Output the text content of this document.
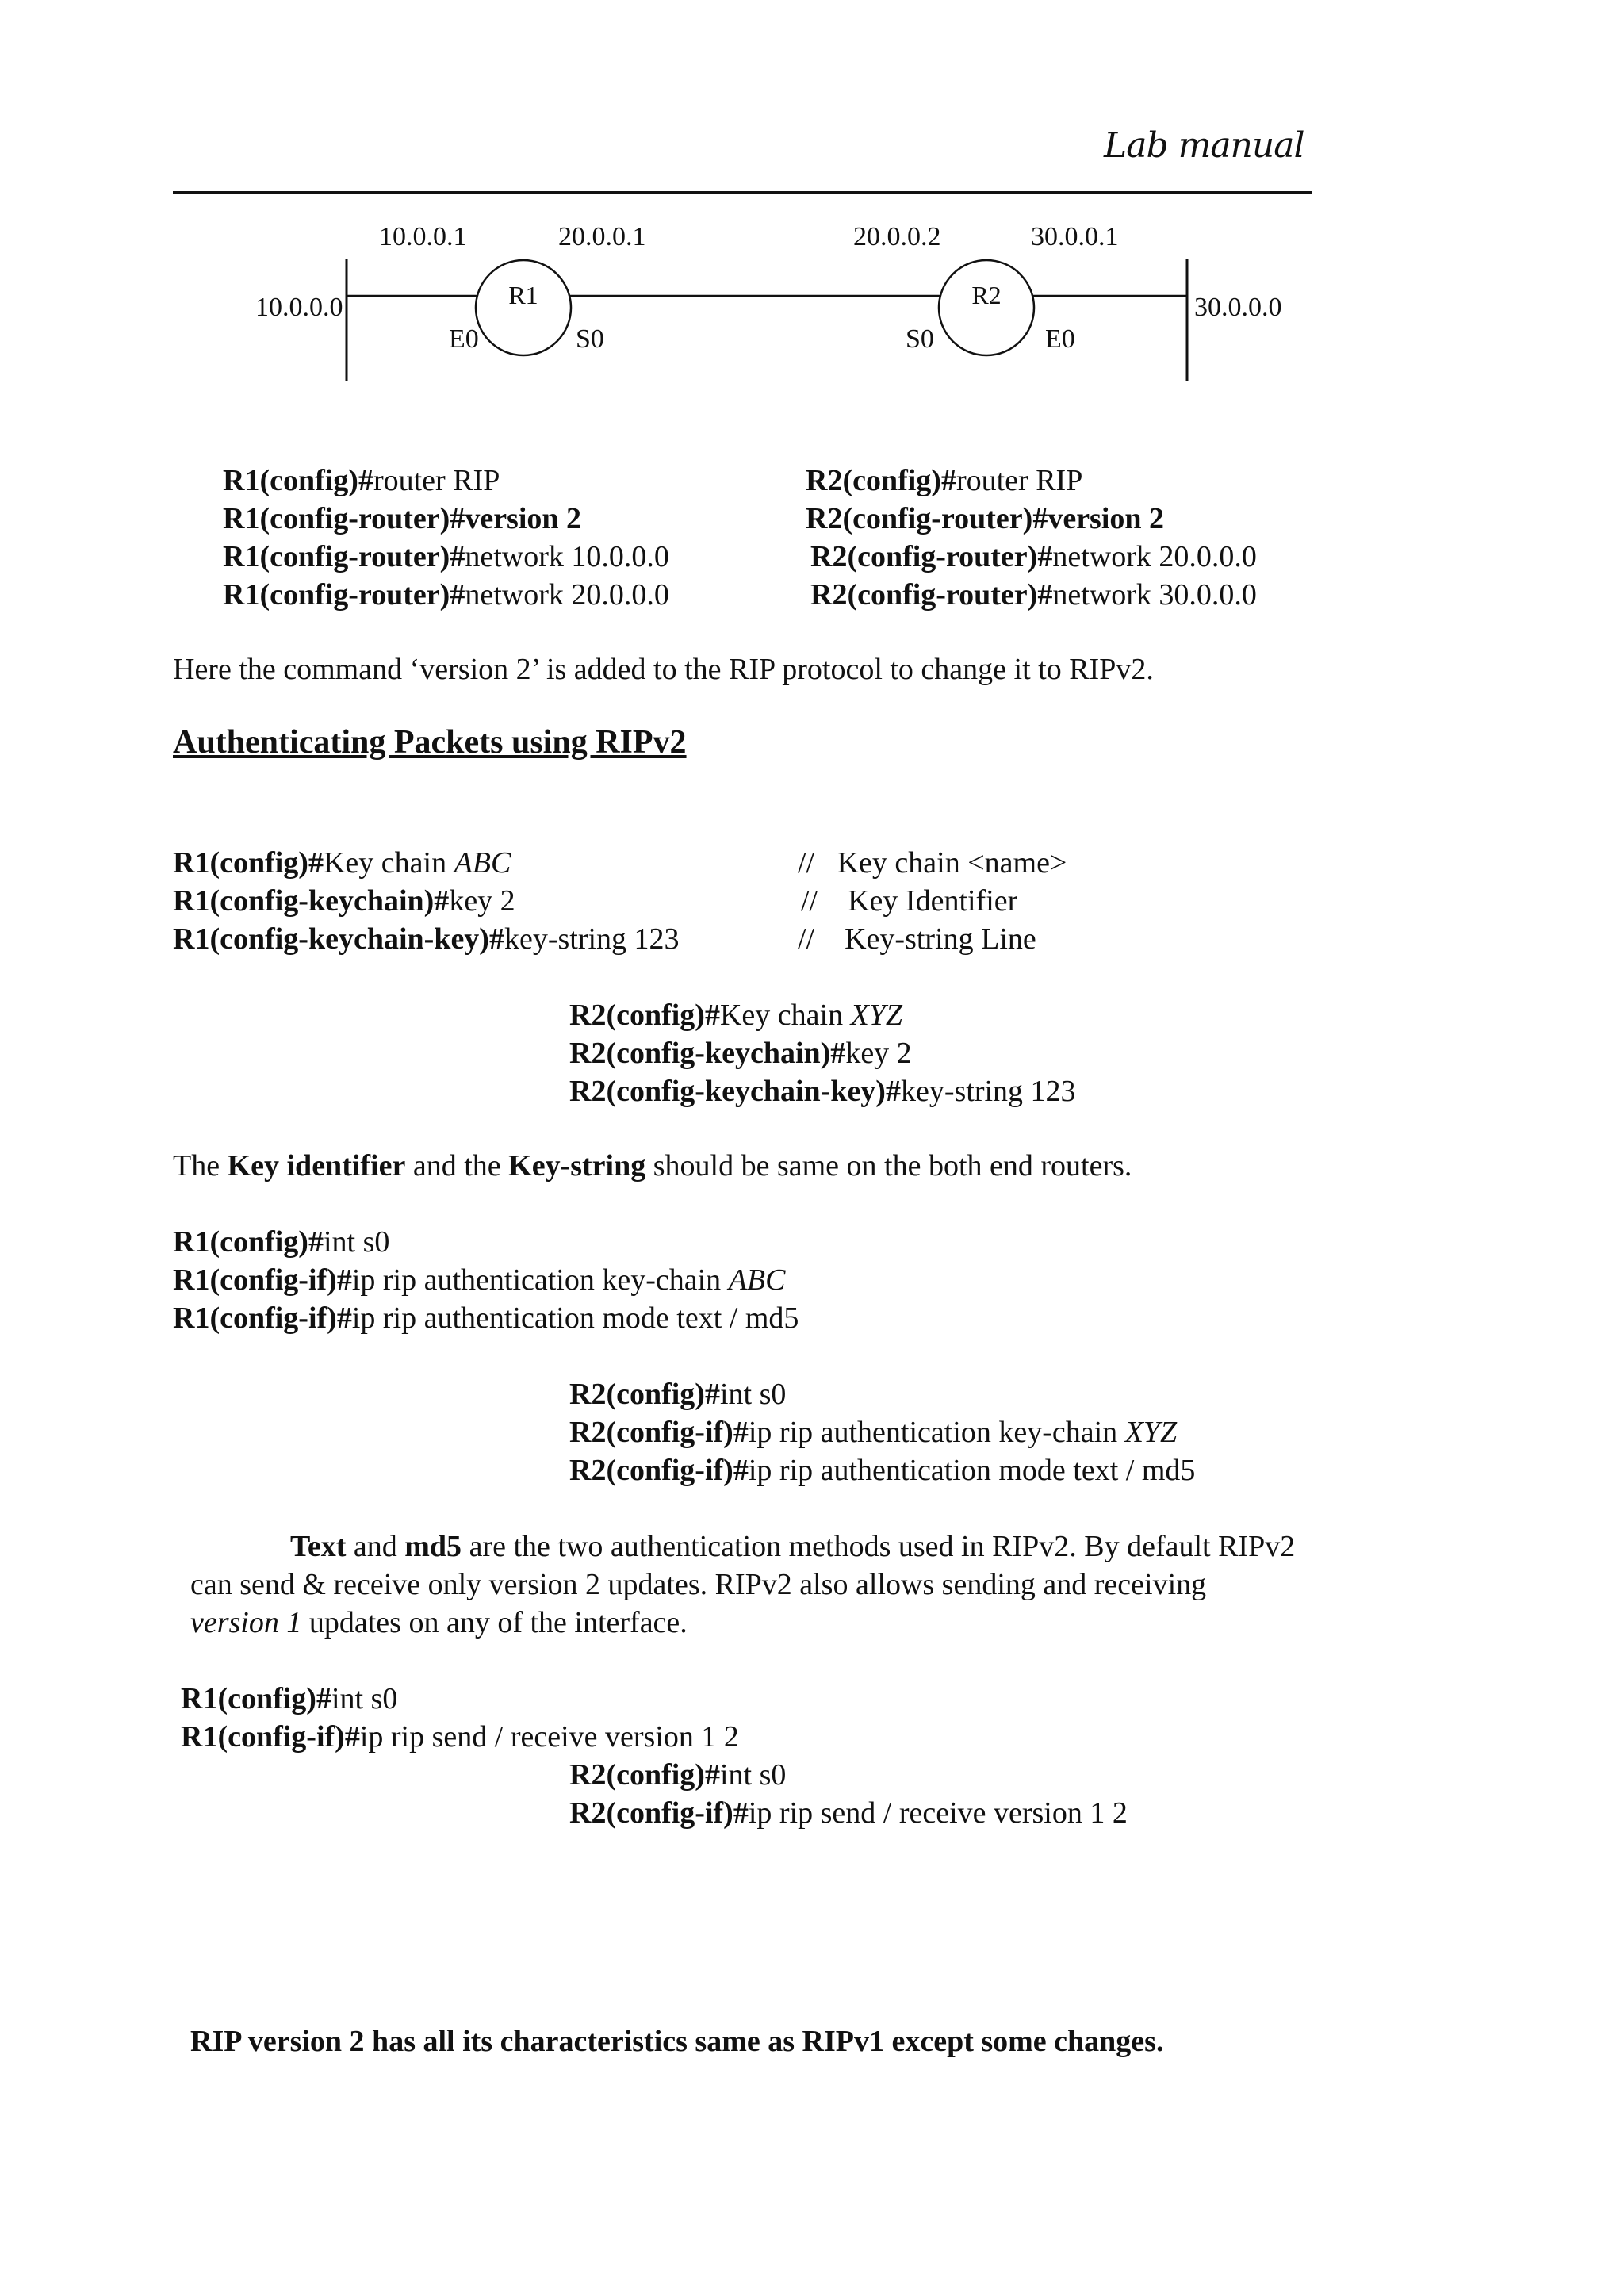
Lab manual
R1	R2
10.0.0.1	20.0.0.1	20.0.0.2	30.0.0.1
10.0.0.0	30.0.0.0
E0	S0	S0	E0
R1(config)#router RIP
R1(config-router)#version 2
R1(config-router)#network 10.0.0.0
R1(config-router)#network 20.0.0.0
R2(config)#router RIP
R2(config-router)#version 2
R2(config-router)#network 20.0.0.0
R2(config-router)#network 30.0.0.0
Here the command ‘version 2’ is added to the RIP protocol to change it to RIPv2.
Authenticating Packets using RIPv2
R1(config)#Key chain ABC	//   Key chain <name>
R1(config-keychain)#key 2	//    Key Identifier
R1(config-keychain-key)#key-string 123	//    Key-string Line
R2(config)#Key chain XYZ
R2(config-keychain)#key 2
R2(config-keychain-key)#key-string 123
The Key identifier and the Key-string should be same on the both end routers.
R1(config)#int s0
R1(config-if)#ip rip authentication key-chain ABC
R1(config-if)#ip rip authentication mode text / md5
R2(config)#int s0
R2(config-if)#ip rip authentication key-chain XYZ
R2(config-if)#ip rip authentication mode text / md5
Text and md5 are the two authentication methods used in RIPv2. By default RIPv2
can send & receive only version 2 updates. RIPv2 also allows sending and receiving
version 1 updates on any of the interface.
R1(config)#int s0
R1(config-if)#ip rip send / receive version 1 2
R2(config)#int s0
R2(config-if)#ip rip send / receive version 1 2
RIP version 2 has all its characteristics same as RIPv1 except some changes.
